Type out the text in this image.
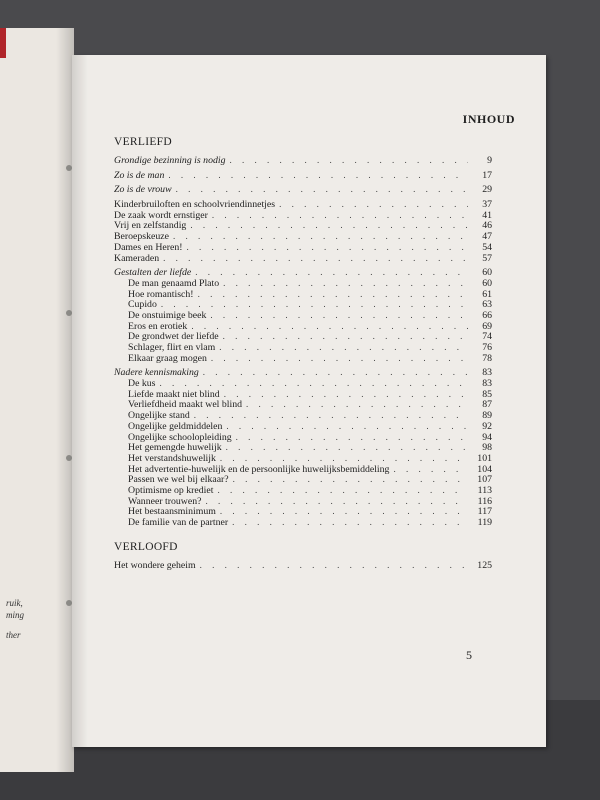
ruik,
ming
ther
INHOUD
VERLIEFD
Grondige bezinning is nodig . . .	9
Zo is de man . . .	17
Zo is de vrouw . . .	29
Kinderbruiloften en schoolvriendinnetjes . . .	37
De zaak wordt ernstiger . . .	41
Vrij en zelfstandig . . .	46
Beroepskeuze . . .	47
Dames en Heren! . . .	54
Kameraden . . .	57
Gestalten der liefde . . .	60
De man genaamd Plato . . .	60
Hoe romantisch! . . .	61
Cupido . . .	63
De onstuimige beek . . .	66
Eros en erotiek . . .	69
De grondwet der liefde . . .	74
Schlager, flirt en vlam . . .	76
Elkaar graag mogen . . .	78
Nadere kennismaking . . .	83
De kus . . .	83
Liefde maakt niet blind . . .	85
Verliefdheid maakt wel blind . . .	87
Ongelijke stand . . .	89
Ongelijke geldmiddelen . . .	92
Ongelijke schoolopleiding . . .	94
Het gemengde huwelijk . . .	98
Het verstandshuwelijk . . .	101
Het advertentie-huwelijk en de persoonlijke huwelijksbemiddeling . . .	104
Passen we wel bij elkaar? . . .	107
Optimisme op krediet . . .	113
Wanneer trouwen? . . .	116
Het bestaansminimum . . .	117
De familie van de partner . . .	119
VERLOOFD
Het wondere geheim . . .	125
5
